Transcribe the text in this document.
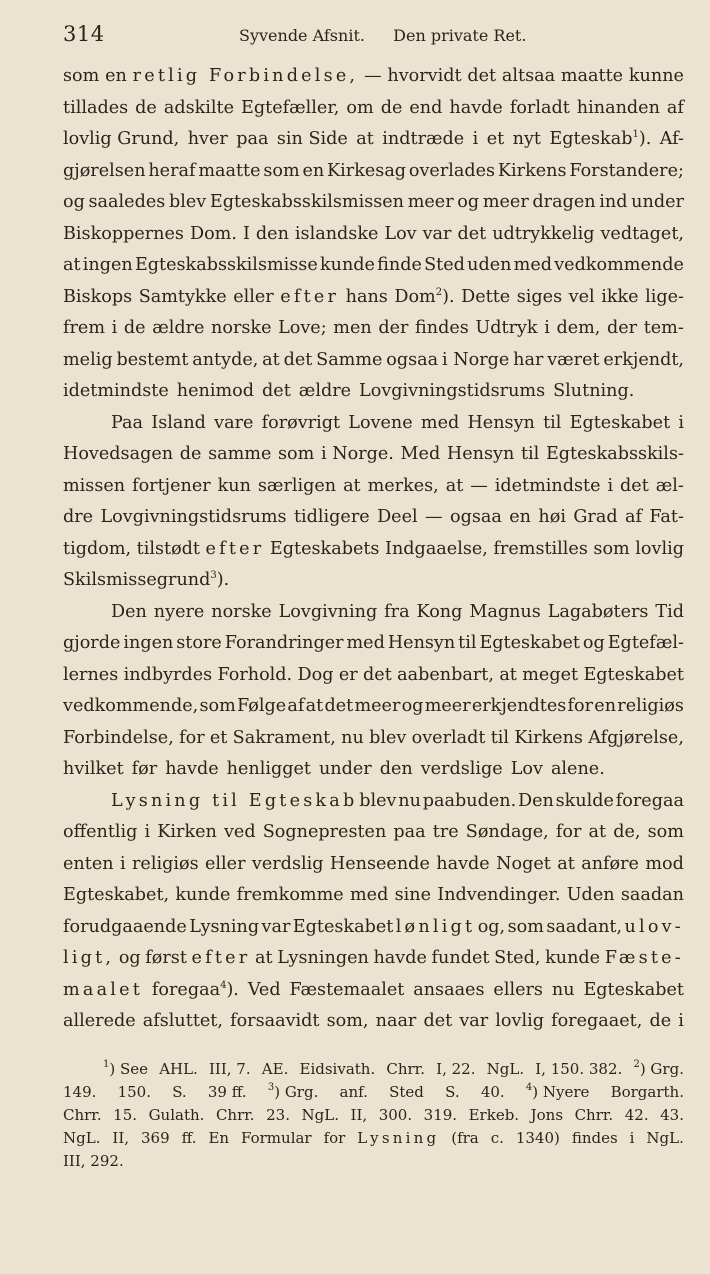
314	Syvende Afsnit. Den private Ret.
som en retlig Forbindelse, — hvorvidt det altsaa maatte kunne
tillades de adskilte Egtefæller, om de end havde forladt hinanden af
lovlig Grund, hver paa sin Side at indtræde i et nyt Egteskab$^1$). Af-
gjørelsen heraf maatte som en Kirkesag overlades Kirkens Forstandere;
og saaledes blev Egteskabsskilsmissen meer og meer dragen ind under
Biskoppernes Dom. I den islandske Lov var det udtrykkelig vedtaget,
at ingen Egteskabsskilsmisse kunde finde Sted uden med vedkommende
Biskops Samtykke eller efter hans Dom$^2$). Dette siges vel ikke lige-
frem i de ældre norske Love; men der findes Udtryk i dem, der tem-
melig bestemt antyde, at det Samme ogsaa i Norge har været erkjendt,
idetmindste henimod det ældre Lovgivningstidsrums Slutning.
Paa Island vare forøvrigt Lovene med Hensyn til Egteskabet i
Hovedsagen de samme som i Norge. Med Hensyn til Egteskabsskils-
missen fortjener kun særligen at merkes, at — idetmindste i det æl-
dre Lovgivningstidsrums tidligere Deel — ogsaa en høi Grad af Fat-
tigdom, tilstødt efter Egteskabets Indgaaelse, fremstilles som lovlig
Skilsmissegrund$^3$).
Den nyere norske Lovgivning fra Kong Magnus Lagabøters Tid
gjorde ingen store Forandringer med Hensyn til Egteskabet og Egtefæl-
lernes indbyrdes Forhold. Dog er det aabenbart, at meget Egteskabet
vedkommende, som Følge af at det meer og meer erkjendtes for en religiøs
Forbindelse, for et Sakrament, nu blev overladt til Kirkens Afgjørelse,
hvilket før havde henligget under den verdslige Lov alene.
Lysning til Egteskab blev nu paabuden. Den skulde foregaa
offentlig i Kirken ved Sognepresten paa tre Søndage, for at de, som
enten i religiøs eller verdslig Henseende havde Noget at anføre mod
Egteskabet, kunde fremkomme med sine Indvendinger. Uden saadan
forudgaaende Lysning var Egteskabet lønligt og, som saadant, ulov-
ligt, og først efter at Lysningen havde fundet Sted, kunde Fæste-
maalet foregaa$^4$). Ved Fæstemaalet ansaaes ellers nu Egteskabet
allerede afsluttet, forsaavidt som, naar det var lovlig foregaaet, de i
$^1$) See AHL. III, 7. AE. Eidsivath. Chrr. I, 22. NgL. I, 150. 382. $^2$) Grg.
149. 150. S. 39 ff. $^3$) Grg. anf. Sted S. 40. $^4$) Nyere Borgarth.
Chrr. 15. Gulath. Chrr. 23. NgL. II, 300. 319. Erkeb. Jons Chrr. 42. 43.
NgL. II, 369 ff. En Formular for Lysning (fra c. 1340) findes i NgL.
III, 292.
